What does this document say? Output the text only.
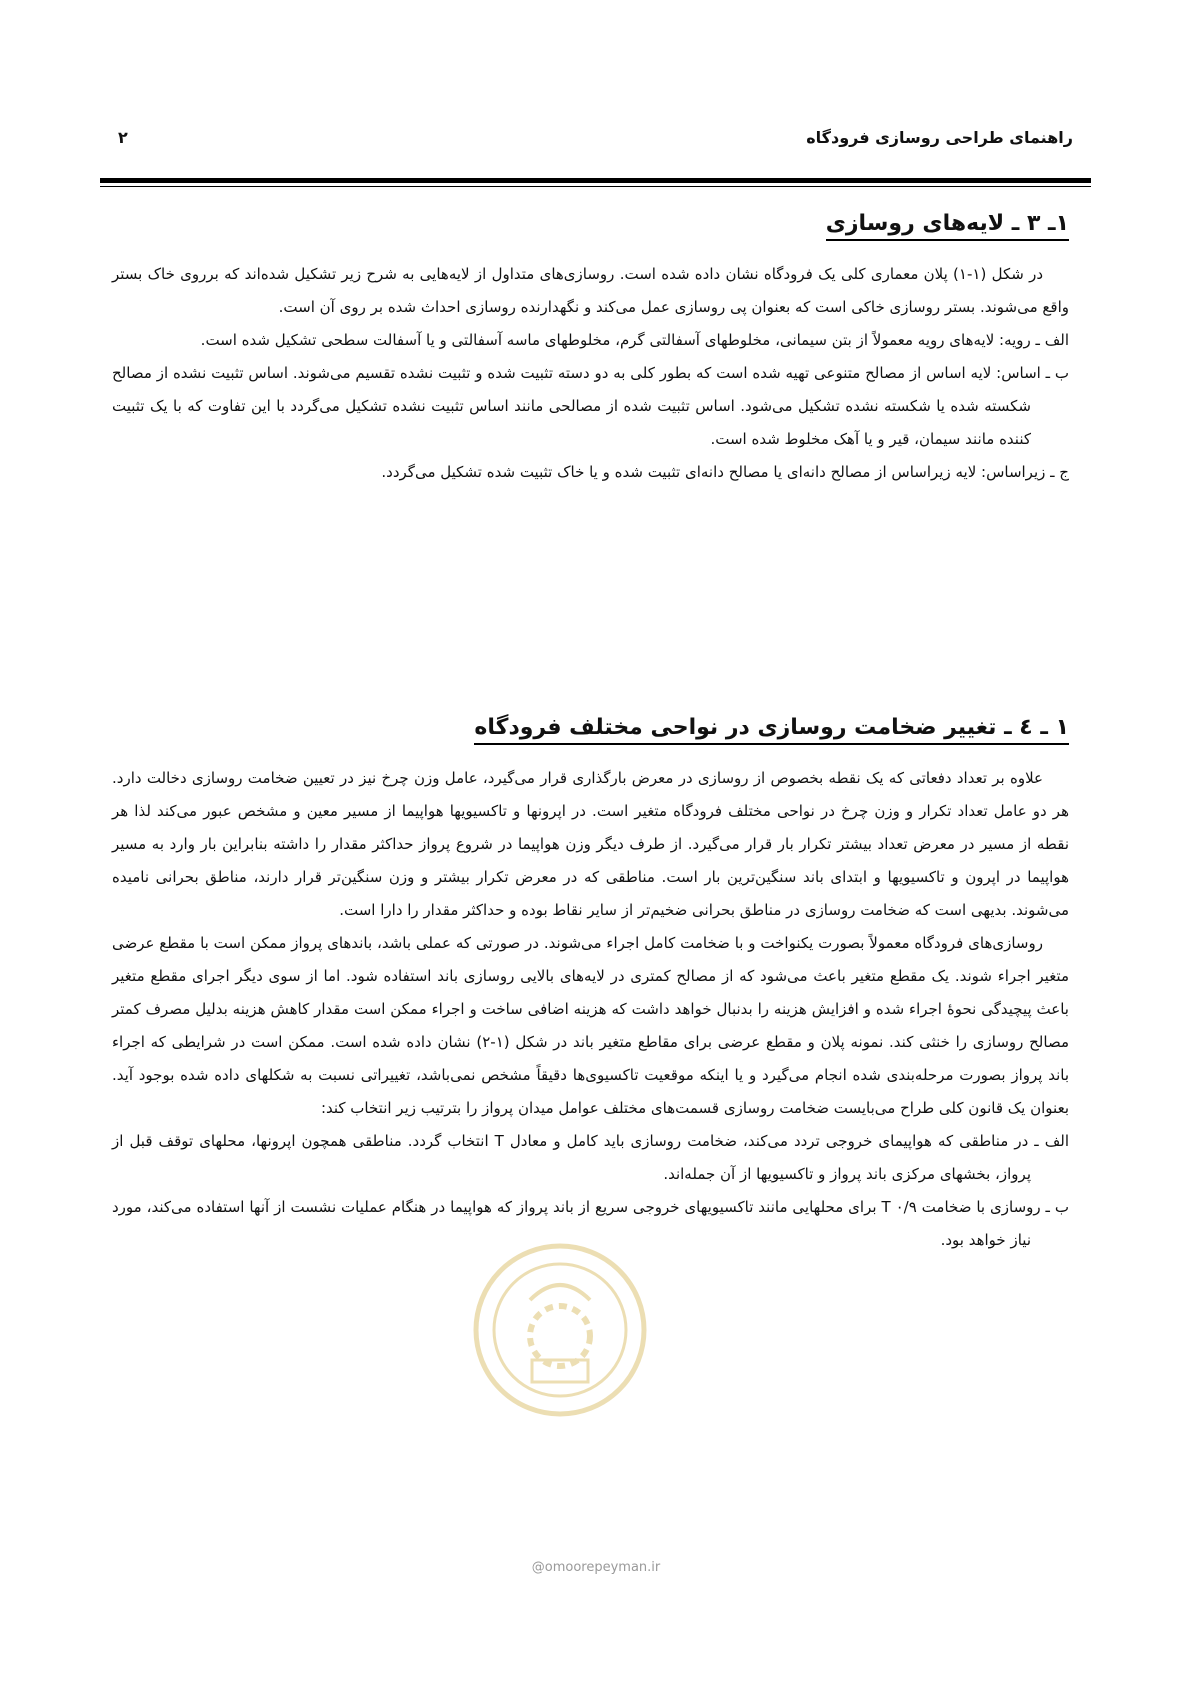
راهنمای طراحی روسازی فرودگاه
۲
۱ـ ۳ ـ لایه‌های روسازی

در شکل (۱-۱) پلان معماری کلی یک فرودگاه نشان داده شده است. روسازی‌های متداول از لایه‌هایی به شرح زیر تشکیل شده‌اند که برروی خاک بستر واقع می‌شوند. بستر روسازی خاکی است که بعنوان پی روسازی عمل می‌کند و نگهدارنده روسازی احداث شده بر روی آن است.

الف ـ رویه: لایه‌های رویه معمولاً از بتن سیمانی، مخلوطهای آسفالتی گرم، مخلوطهای ماسه آسفالتی و یا آسفالت سطحی تشکیل شده است.

ب ـ اساس: لایه اساس از مصالح متنوعی تهیه شده است که بطور کلی به دو دسته تثبیت شده و تثبیت نشده تقسیم می‌شوند. اساس تثبیت نشده از مصالح شکسته شده یا شکسته نشده تشکیل می‌شود. اساس تثبیت شده از مصالحی مانند اساس تثبیت نشده تشکیل می‌گردد با این تفاوت که با یک تثبیت کننده مانند سیمان، قیر و یا آهک مخلوط شده است.

ج ـ زیراساس: لایه زیراساس از مصالح دانه‌ای یا مصالح دانه‌ای تثبیت شده و یا خاک تثبیت شده تشکیل می‌گردد.

۱ ـ ٤ ـ تغییر ضخامت روسازی در نواحی مختلف فرودگاه

علاوه بر تعداد دفعاتی که یک نقطه بخصوص از روسازی در معرض بارگذاری قرار می‌گیرد، عامل وزن چرخ نیز در تعیین ضخامت روسازی دخالت دارد. هر دو عامل تعداد تکرار و وزن چرخ در نواحی مختلف فرودگاه متغیر است. در اپرونها و تاکسیویها هواپیما از مسیر معین و مشخص عبور می‌کند لذا هر نقطه از مسیر در معرض تعداد بیشتر تکرار بار قرار می‌گیرد. از طرف دیگر وزن هواپیما در شروع پرواز حداکثر مقدار را داشته بنابراین بار وارد به مسیر هواپیما در اپرون و تاکسیویها و ابتدای باند سنگین‌ترین بار است. مناطقی که در معرض تکرار بیشتر و وزن سنگین‌تر قرار دارند، مناطق بحرانی نامیده می‌شوند. بدیهی است که ضخامت روسازی در مناطق بحرانی ضخیم‌تر از سایر نقاط بوده و حداکثر مقدار را دارا است.

روسازی‌های فرودگاه معمولاً بصورت یکنواخت و با ضخامت کامل اجراء می‌شوند. در صورتی که عملی باشد، باندهای پرواز ممکن است با مقطع عرضی متغیر اجراء شوند. یک مقطع متغیر باعث می‌شود که از مصالح کمتری در لایه‌های بالایی روسازی باند استفاده شود. اما از سوی دیگر اجرای مقطع متغیر باعث پیچیدگی نحوهٔ اجراء شده و افزایش هزینه را بدنبال خواهد داشت که هزینه اضافی ساخت و اجراء ممکن است مقدار کاهش هزینه بدلیل مصرف کمتر مصالح روسازی را خنثی کند. نمونه پلان و مقطع عرضی برای مقاطع متغیر باند در شکل (۱-۲) نشان داده شده است. ممکن است در شرایطی که اجراء باند پرواز بصورت مرحله‌بندی شده انجام می‌گیرد و یا اینکه موقعیت تاکسیوی‌ها دقیقاً مشخص نمی‌باشد، تغییراتی نسبت به شکلهای داده شده بوجود آید. بعنوان یک قانون کلی طراح می‌بایست ضخامت روسازی قسمت‌های مختلف عوامل میدان پرواز را بترتیب زیر انتخاب کند:

الف ـ در مناطقی که هواپیمای خروجی تردد می‌کند، ضخامت روسازی باید کامل و معادل T انتخاب گردد. مناطقی همچون اپرونها، محلهای توقف قبل از پرواز، بخشهای مرکزی باند پرواز و تاکسیویها از آن جمله‌اند.

ب ـ روسازی با ضخامت ۰/۹ T برای محلهایی مانند تاکسیویهای خروجی سریع از باند پرواز که هواپیما در هنگام عملیات نشست از آنها استفاده می‌کند، مورد نیاز خواهد بود.

@omoorepeyman.ir
